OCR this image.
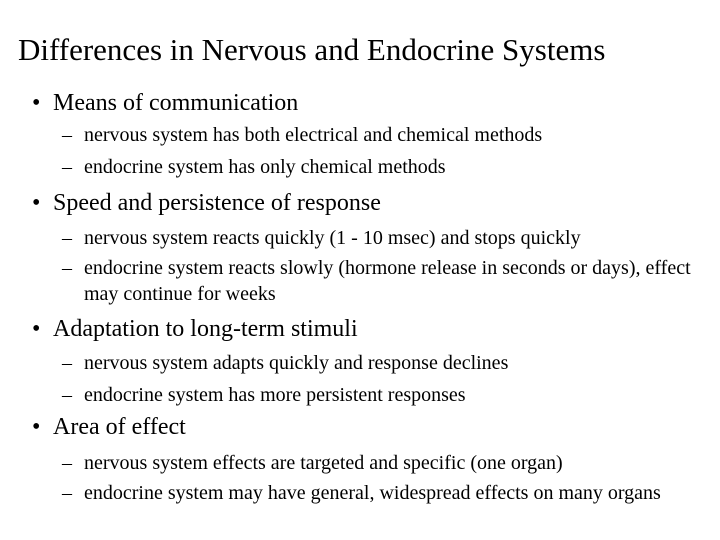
Differences in Nervous and Endocrine Systems
• Means of communication
– nervous system has both electrical and chemical methods
– endocrine system has only chemical methods
• Speed and persistence of response
– nervous system reacts quickly (1 - 10 msec) and stops quickly
– endocrine system reacts slowly (hormone release in seconds or days), effect may continue for weeks
• Adaptation to long-term stimuli
– nervous system adapts quickly and response declines
– endocrine system has more persistent responses
• Area of effect
– nervous system effects are targeted and specific (one organ)
– endocrine system may have general, widespread effects on many organs
